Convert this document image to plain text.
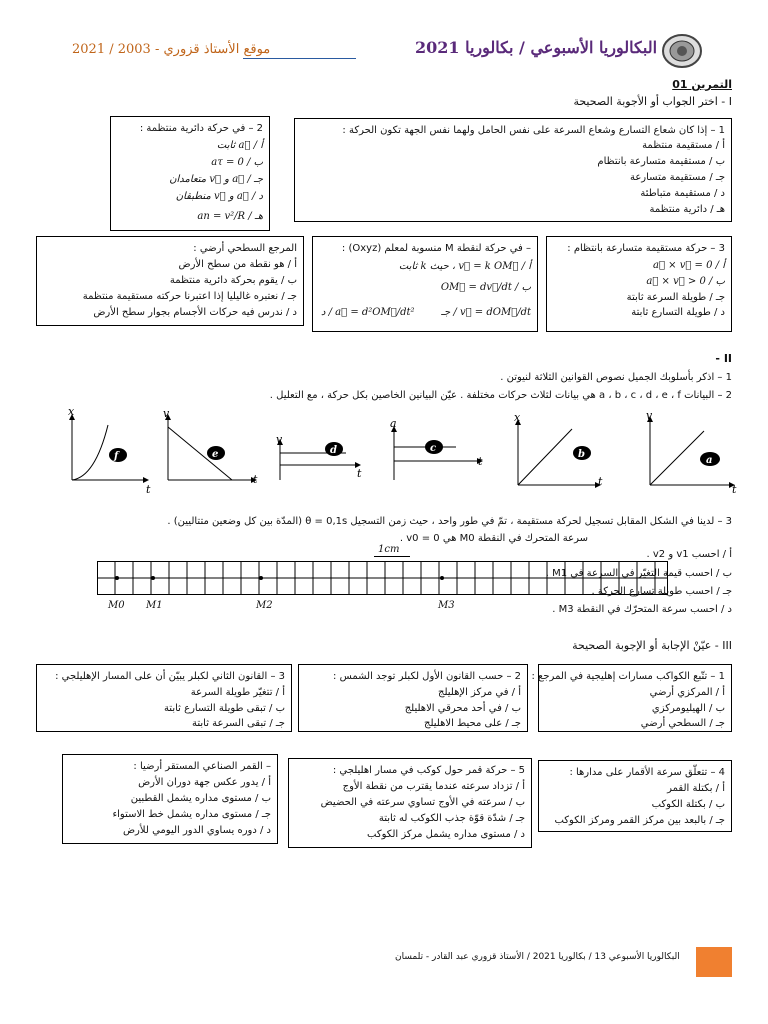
البكالوريا الأسبوعي / بكالوريا 2021
2021 / 2003 - موقع الأستاذ قزوري
التمرين 01
I - اختر الجواب أو الأجوبة الصحيحة
1 – إذا كان شعاع التسارع وشعاع السرعة على نفس الحامل ولهما نفس الجهة تكون الحركة :
أ / مستقيمة منتظمة
ب / مستقيمة متسارعة بانتظام
جـ / مستقيمة متسارعة
د / مستقيمة متباطئة
هـ / دائرية منتظمة
2 – في حركة دائرية منتظمة :
أ / a⃗ ثابت
ب / aτ = 0
جـ / a⃗ و v⃗ متعامدان
د / a⃗ و v⃗ منطبقان
هـ / an = v²/R
3 – حركة مستقيمة متسارعة بانتظام :
أ / a⃗ × v⃗ = 0
ب / a⃗ × v⃗ > 0
جـ / طويلة السرعة ثابتة
د / طويلة التسارع ثابتة
– في حركة لنقطة M منسوبة لمعلم (Oxyz) :
أ / v⃗ = k OM⃗ ، حيث k ثابت
ب / OM⃗ = dv⃗/dt
جـ / v⃗ = dOM⃗/dt
د / a⃗ = d²OM⃗/dt²
المرجع السطحي أرضي :
أ / هو نقطة من سطح الأرض
ب / يقوم بحركة دائرية منتظمة
جـ / نعتبره غاليليا إذا اعتبرنا حركته مستقيمة منتظمة
د / ندرس فيه حركات الأجسام بجوار سطح الأرض
II -
1 – اذكر بأسلوبك الجميل نصوص القوانين الثلاثة لنيوتن .
2 – البيانات a ، b ، c ، d ، e ، f هي بيانات لثلاث حركات مختلفة . عيّن البيانين الخاصين بكل حركة ، مع التعليل .
x
t
f
v
t
e
v
t
d
a
t
c
x
t
b
v
t
a
3 – لدينا في الشكل المقابل تسجيل لحركة مستقيمة ، تمّ في طور واحد ، حيث زمن التسجيل θ = 0,1s (المدّة بين كل وضعين متتاليين) .
سرعة المتحرك في النقطة M0 هي 0 = v0 .
1cm
M0 M1	M2	M3
أ / احسب v1 و v2 .
ب / احسب قيمة التغيّر في السرعة في M1 .
جـ / احسب طويلة تسارع الحركة .
د / احسب سرعة المتحرّك في النقطة M3 .
III - عيّنْ الإجابة أو الإجوبة الصحيحة
1 – تتّبع الكواكب مسارات إهليجية في المرجع :
أ / المركزي أرضي
ب / الهيليومركزي
جـ / السطحي أرضي
2 – حسب القانون الأول لكبلر توجد الشمس :
أ / في مركز الإهليلج
ب / في أحد محرقي الاهليلج
جـ / على محيط الاهليلج
3 – القانون الثاني لكبلر يبيّن أن على المسار الإهليلجي :
أ / تتغيّر طويلة السرعة
ب / تبقى طويلة التسارع ثابتة
جـ / تبقى السرعة ثابتة
4 – تتعلّق سرعة الأقمار على مدارها :
أ / بكتلة القمر
ب / بكتلة الكوكب
جـ / بالبعد بين مركز القمر ومركز الكوكب
5 – حركة قمر حول كوكب في مسار اهليلجي :
أ / تزداد سرعته عندما يقترب من نقطة الأوج
ب / سرعته في الأوج تساوي سرعته في الحضيض
جـ / شدّة قوّة جذب الكوكب له ثابتة
د / مستوى مداره يشمل مركز الكوكب
– القمر الصناعي المستقر أرضيا :
أ / يدور عكس جهة دوران الأرض
ب / مستوى مداره يشمل القطبين
جـ / مستوى مداره يشمل خط الاستواء
د / دوره يساوي الدور اليومي للأرض
البكالوريا الأسبوعي 13 / بكالوريا 2021 / الأستاذ قزوري عبد القادر - تلمسان
